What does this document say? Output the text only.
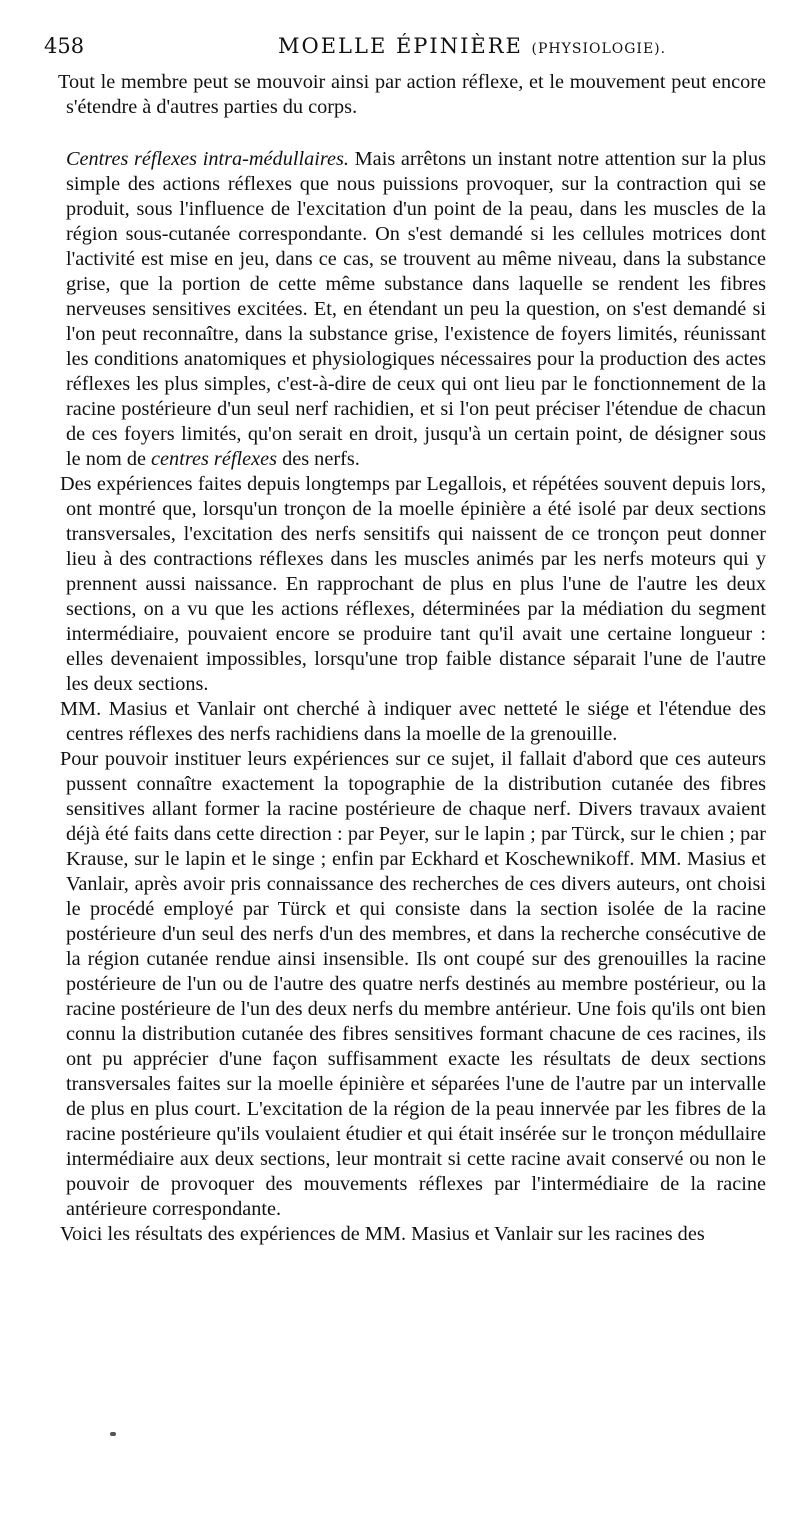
458	MOELLE ÉPINIÈRE (PHYSIOLOGIE).

Tout le membre peut se mouvoir ainsi par action réflexe, et le mouvement peut encore s'étendre à d'autres parties du corps.

Centres réflexes intra-médullaires. Mais arrêtons un instant notre attention sur la plus simple des actions réflexes que nous puissions provoquer, sur la contraction qui se produit, sous l'influence de l'excitation d'un point de la peau, dans les muscles de la région sous-cutanée correspondante. On s'est demandé si les cellules motrices dont l'activité est mise en jeu, dans ce cas, se trouvent au même niveau, dans la substance grise, que la portion de cette même substance dans laquelle se rendent les fibres nerveuses sensitives excitées. Et, en étendant un peu la question, on s'est demandé si l'on peut reconnaître, dans la substance grise, l'existence de foyers limités, réunissant les conditions anatomiques et physiologiques nécessaires pour la production des actes réflexes les plus simples, c'est-à-dire de ceux qui ont lieu par le fonctionnement de la racine postérieure d'un seul nerf rachidien, et si l'on peut préciser l'étendue de chacun de ces foyers limités, qu'on serait en droit, jusqu'à un certain point, de désigner sous le nom de centres réflexes des nerfs.

Des expériences faites depuis longtemps par Legallois, et répétées souvent depuis lors, ont montré que, lorsqu'un tronçon de la moelle épinière a été isolé par deux sections transversales, l'excitation des nerfs sensitifs qui naissent de ce tronçon peut donner lieu à des contractions réflexes dans les muscles animés par les nerfs moteurs qui y prennent aussi naissance. En rapprochant de plus en plus l'une de l'autre les deux sections, on a vu que les actions réflexes, déterminées par la médiation du segment intermédiaire, pouvaient encore se produire tant qu'il avait une certaine longueur : elles devenaient impossibles, lorsqu'une trop faible distance séparait l'une de l'autre les deux sections.

MM. Masius et Vanlair ont cherché à indiquer avec netteté le siége et l'étendue des centres réflexes des nerfs rachidiens dans la moelle de la grenouille.

Pour pouvoir instituer leurs expériences sur ce sujet, il fallait d'abord que ces auteurs pussent connaître exactement la topographie de la distribution cutanée des fibres sensitives allant former la racine postérieure de chaque nerf. Divers travaux avaient déjà été faits dans cette direction : par Peyer, sur le lapin ; par Türck, sur le chien ; par Krause, sur le lapin et le singe ; enfin par Eckhard et Koschewnikoff. MM. Masius et Vanlair, après avoir pris connaissance des recherches de ces divers auteurs, ont choisi le procédé employé par Türck et qui consiste dans la section isolée de la racine postérieure d'un seul des nerfs d'un des membres, et dans la recherche consécutive de la région cutanée rendue ainsi insensible. Ils ont coupé sur des grenouilles la racine postérieure de l'un ou de l'autre des quatre nerfs destinés au membre postérieur, ou la racine postérieure de l'un des deux nerfs du membre antérieur. Une fois qu'ils ont bien connu la distribution cutanée des fibres sensitives formant chacune de ces racines, ils ont pu apprécier d'une façon suffisamment exacte les résultats de deux sections transversales faites sur la moelle épinière et séparées l'une de l'autre par un intervalle de plus en plus court. L'excitation de la région de la peau innervée par les fibres de la racine postérieure qu'ils voulaient étudier et qui était insérée sur le tronçon médullaire intermédiaire aux deux sections, leur montrait si cette racine avait conservé ou non le pouvoir de provoquer des mouvements réflexes par l'intermédiaire de la racine antérieure correspondante.

Voici les résultats des expériences de MM. Masius et Vanlair sur les racines des
